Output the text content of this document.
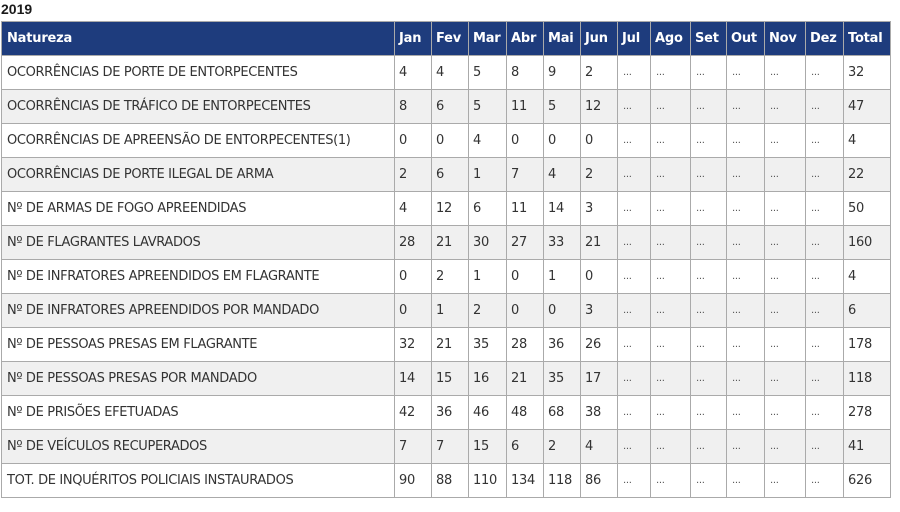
2019
Natureza	Jan	Fev	Mar	Abr	Mai	Jun	Jul	Ago	Set	Out	Nov	Dez	Total
OCORRÊNCIAS DE PORTE DE ENTORPECENTES	4	4	5	8	9	2	...	...	...	...	...	...	32
OCORRÊNCIAS DE TRÁFICO DE ENTORPECENTES	8	6	5	11	5	12	...	...	...	...	...	...	47
OCORRÊNCIAS DE APREENSÃO DE ENTORPECENTES(1)	0	0	4	0	0	0	...	...	...	...	...	...	4
OCORRÊNCIAS DE PORTE ILEGAL DE ARMA	2	6	1	7	4	2	...	...	...	...	...	...	22
Nº DE ARMAS DE FOGO APREENDIDAS	4	12	6	11	14	3	...	...	...	...	...	...	50
Nº DE FLAGRANTES LAVRADOS	28	21	30	27	33	21	...	...	...	...	...	...	160
Nº DE INFRATORES APREENDIDOS EM FLAGRANTE	0	2	1	0	1	0	...	...	...	...	...	...	4
Nº DE INFRATORES APREENDIDOS POR MANDADO	0	1	2	0	0	3	...	...	...	...	...	...	6
Nº DE PESSOAS PRESAS EM FLAGRANTE	32	21	35	28	36	26	...	...	...	...	...	...	178
Nº DE PESSOAS PRESAS POR MANDADO	14	15	16	21	35	17	...	...	...	...	...	...	118
Nº DE PRISÕES EFETUADAS	42	36	46	48	68	38	...	...	...	...	...	...	278
Nº DE VEÍCULOS RECUPERADOS	7	7	15	6	2	4	...	...	...	...	...	...	41
TOT. DE INQUÉRITOS POLICIAIS INSTAURADOS	90	88	110	134	118	86	...	...	...	...	...	...	626
